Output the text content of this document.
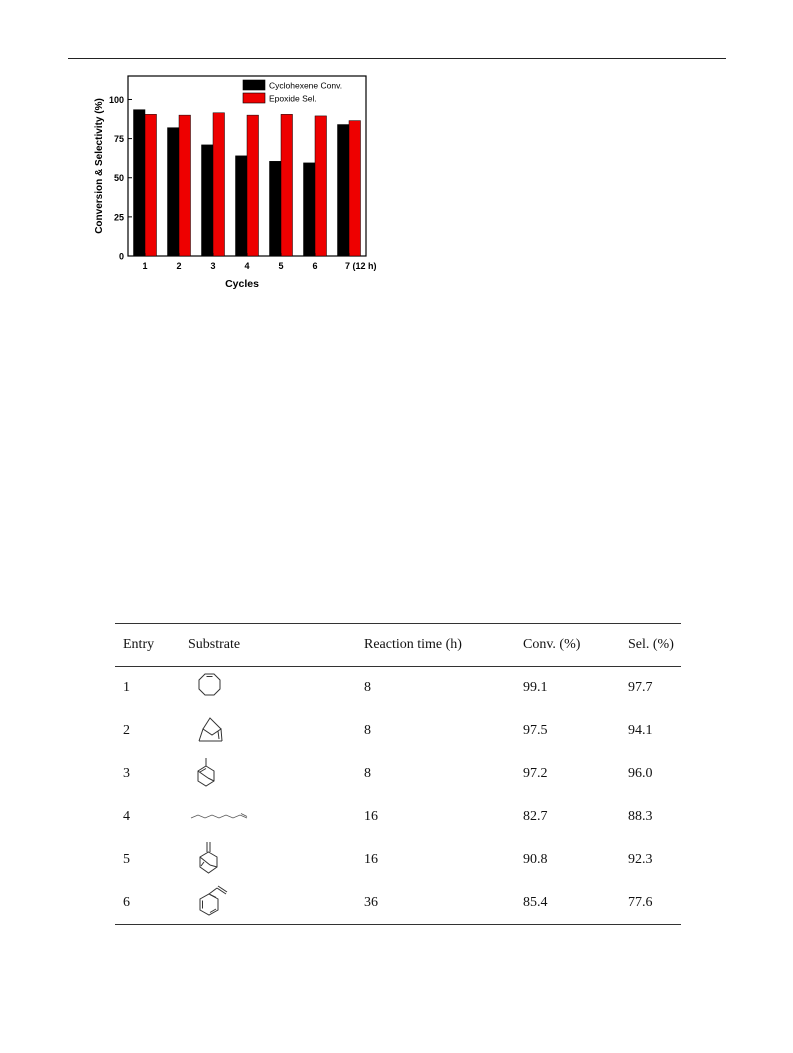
0
25
50
75
100
1	2	3	4	5	6	7 (12 h)
Cycles
Conversion & Selectivity (%)
Cyclohexene Conv.
Epoxide Sel.
Entry	Substrate	Reaction time (h)	Conv. (%)	Sel. (%)
1		8	99.1	97.7
2		8	97.5	94.1
3		8	97.2	96.0
4		16	82.7	88.3
5		16	90.8	92.3
6		36	85.4	77.6
